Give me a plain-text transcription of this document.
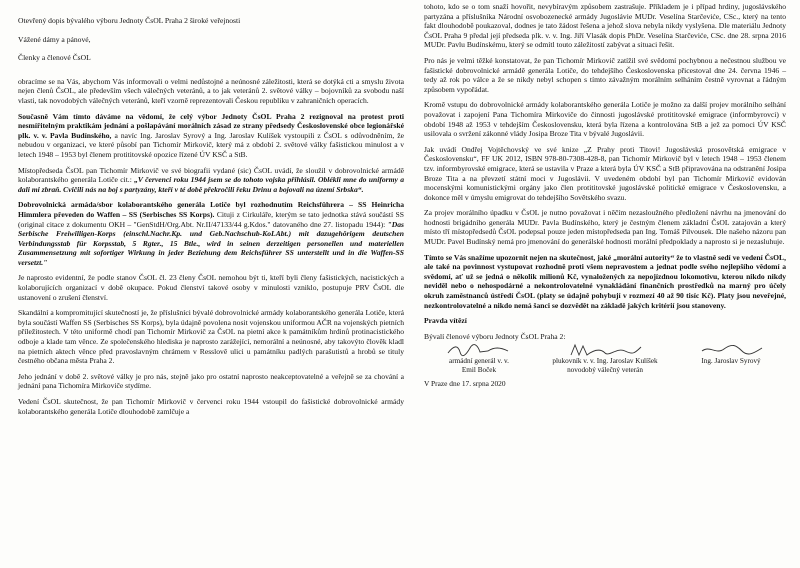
Otevřený dopis bývalého výboru Jednoty ČsOL Praha 2 široké veřejnosti

Vážené dámy a pánové,

Členky a členové ČsOL

obracíme se na Vás, abychom Vás informovali o velmi nedůstojné a neúnosné záležitosti, která se dotýká cti a smyslu života nejen členů ČsOL, ale především všech válečných veteránů, a to jak veteránů 2. světové války – bojovníků za svobodu naší vlasti, tak novodobých válečných veteránů, kteří vzorně reprezentovali Českou republiku v zahraničních operacích.

Současně Vám tímto dáváme na vědomí, že celý výbor Jednoty ČsOL Praha 2 rezignoval na protest proti nesmířitelným praktikám jednání a pošlapávání morálních zásad ze strany předsedy Československé obce legionářské plk. v. v. Pavla Budínského, a navíc Ing. Jaroslav Syrový a Ing. Jaroslav Kulíšek vystoupili z ČsOL s odůvodněním, že nebudou v organizaci, ve které působí pan Tichomír Mirkovič, který má z období 2. světové války fašistickou minulost a v letech 1948 – 1953 byl členem protititovské opozice řízené ÚV KSČ a StB.

Místopředseda ČsOL pan Tichomír Mirkovič ve své biografii vydané (sic) ČsOL uvádí, že sloužil v dobrovolnické armádě kolaborantského generála Lotiče cit.: „V červenci roku 1944 jsem se do tohoto vojska přihlásil. Oblékli mne do uniformy a dali mi zbraň. Cvičili nás na boj s partyzány, kteří v té době překročili řeku Drinu a bojovali na území Srbska“.

Dobrovolnická armáda/sbor kolaborantského generála Lotiče byl rozhodnutím Reichsführera – SS Heinricha Himmlera převeden do Waffen – SS (Serbisches SS Korps). Cituji z Cirkuláře, kterým se tato jednotka stává součástí SS (original citace z dokumentu OKH – "GenStdH/Org.Abt. Nr.II/47133/44 g.Kdos." datovaného dne 27. listopadu 1944): "Das Serbische Freiwilligen-Korps (einschl.Nachr.Kp. und Geb.Nachschub-KoLAbt.) mit dazugehörigem deutschen Verbindungsstab für Korpsstab, 5 Rgter., 15 Btle., wird in seinen derzeitigen personellen und materiellen Zusammensetzung mit sofortiger Wirkung in jeder Beziehung dem Reichsführer SS unterstellt und in die Waffen-SS versetzt."

Je naprosto evidentní, že podle stanov ČsOL čl. 23 členy ČsOL nemohou být ti, kteří byli členy fašistických, nacistických a kolaborujících organizací v době okupace. Pokud členství takové osoby v minulosti vzniklo, postupuje PRV ČsOL dle ustanovení o zrušení členství.

Skandální a kompromitující skutečností je, že příslušníci bývalé dobrovolnické armády kolaborantského generála Lotiče, která byla součástí Waffen SS (Serbisches SS Korps), byla údajně povolena nosit vojenskou uniformou AČR na vojenských pietních příležitostech. V této uniformě chodí pan Tichomír Mirkovič za ČsOL na pietní akce k památníkům hrdinů protinacistického odboje a klade tam věnce. Ze společenského hlediska je naprosto zarážející, nemorální a neúnosné, aby takovýto člověk kladl na pietních aktech věnce před pravoslavným chrámem v Resslově ulici u památníku padlých parašutistů a hrobů se tituly čestného občana města Praha 2.

Jeho jednání v době 2. světové války je pro nás, stejně jako pro ostatní naprosto neakceptovatelné a veřejně se za chování a jednání pana Tichomíra Mirkoviče stydíme.

Vedení ČsOL skutečnost, že pan Tichomír Mirkovič v červenci roku 1944 vstoupil do fašistické dobrovolnické armády kolaborantského generála Lotiče dlouhodobě zamlčuje a

tohoto, kdo se o tom snaží hovořit, nevybíravým způsobem zastrašuje. Příkladem je i případ hrdiny, jugoslávského partyzána a příslušníka Národní osvobozenecké armády Jugoslávie MUDr. Veselína Starčeviće, CSc., který na tento fakt dlouhodobě poukazoval, dodnes je tato žádost řešena a jehož slova nebyla nikdy vyslyšena. Dle materiálu Jednoty ČsOL Praha 9 předal její předseda plk. v. v. Ing. Jiří Vlasák dopis PhDr. Veselína Starčeviće, CSc. dne 28. srpna 2016 MUDr. Pavlu Budínskému, který se odmítl touto záležitostí zabývat a situaci řešit.

Pro nás je velmi těžké konstatovat, že pan Tichomír Mirkovič zatížil své svědomí pochybnou a nečestnou službou ve fašistické dobrovolnické armádě generála Lotiče, do tehdejšího Československa přicestoval dne 24. června 1946 – tedy až rok po válce a že se nikdy nebyl schopen s tímto závažným morálním selháním čestně vyrovnat a řádným způsobem vypořádat.

Kromě vstupu do dobrovolnické armády kolaborantského generála Lotiče je možno za další projev morálního selhání považovat i zapojení Pana Tichomíra Mirkoviče do činnosti jugoslávské protititovské emigrace (informbyrovci) v období 1948 až 1953 v tehdejším Československu, která byla řízena a kontrolována StB a jež za pomoci ÚV KSČ usilovala o svržení zákonné vlády Josipa Broze Tita v bývalé Jugoslávii.

Jak uvádí Ondřej Vojtěchovský ve své knize „Z Prahy proti Titovi! Jugoslávská prosovětská emigrace v Československu“, FF UK 2012, ISBN 978-80-7308-428-8, pan Tichomír Mirkovič byl v letech 1948 – 1953 členem tzv. informbyrovské emigrace, která se ustavila v Praze a která byla ÚV KSČ a StB připravována na odstranění Josipa Broze Tita a na převzetí státní moci v Jugoslávii. V uvedeném období byl pan Tichomír Mirkovič evidován mocenskými komunistickými orgány jako člen protititovské jugoslávské politické emigrace v Československu, a dokonce měl v úmyslu emigrovat do tehdejšího Sovětského svazu.

Za projev morálního úpadku v ČsOL je nutno považovat i něčím nezasloužného předložení návrhu na jmenování do hodnosti brigádního generála MUDr. Pavla Budínského, který je čestným členem základní ČsOL zatajován a který místo tří místopředsedů ČsOL podepsal pouze jeden místopředseda pan Ing. Tomáš Pilvousek. Dle našeho názoru pan MUDr. Pavel Budínský nemá pro jmenování do generálské hodnosti morální předpoklady a naprosto si je nezasluhuje.

Tímto se Vás snažíme upozornit nejen na skutečnost, jaké „morální autority“ že to vlastně sedí ve vedení ČsOL, ale také na povinnost vystupovat rozhodně proti všem nepravostem a jednat podle svého nejlepšího vědomí a svědomí, ať už se jedná o několik milionů Kč, vynaložených za nepojízdnou lokomotivu, kterou nikdo nikdy neviděl nebo o nehospodárné a nekontrolovatelné vynakládání finančních prostředků na marný pro účely okruh zaměstnanců ústředí ČsOL (platy se údajně pohybují v rozmezí 40 až 90 tisíc Kč). Platy jsou neveřejné, nezkontrolovatelné a nikdo nemá šanci se dozvědět na základě jakých kritérií jsou stanoveny.

Pravda vítězí

Bývalí členové výboru Jednoty ČsOL Praha 2:

armádní generál v. v.
Emil Boček
plukovník v. v. Ing. Jaroslav Kulíšek
novodobý válečný veterán
Ing. Jaroslav Syrový
V Praze dne 17. srpna 2020
